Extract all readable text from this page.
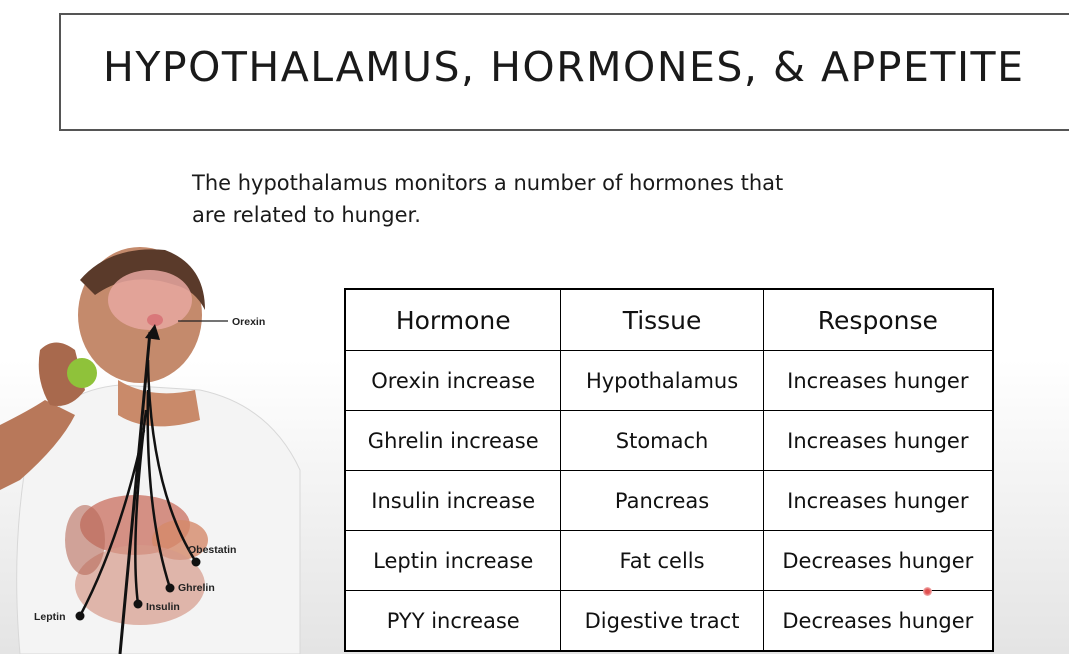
HYPOTHALAMUS, HORMONES, & APPETITE
The hypothalamus monitors a number of hormones that
are related to hunger.
Orexin
Obestatin
Ghrelin
Insulin
Leptin
Hormone	Tissue	Response
Orexin increase	Hypothalamus	Increases hunger
Ghrelin increase	Stomach	Increases hunger
Insulin increase	Pancreas	Increases hunger
Leptin increase	Fat cells	Decreases hunger
PYY increase	Digestive tract	Decreases hunger
